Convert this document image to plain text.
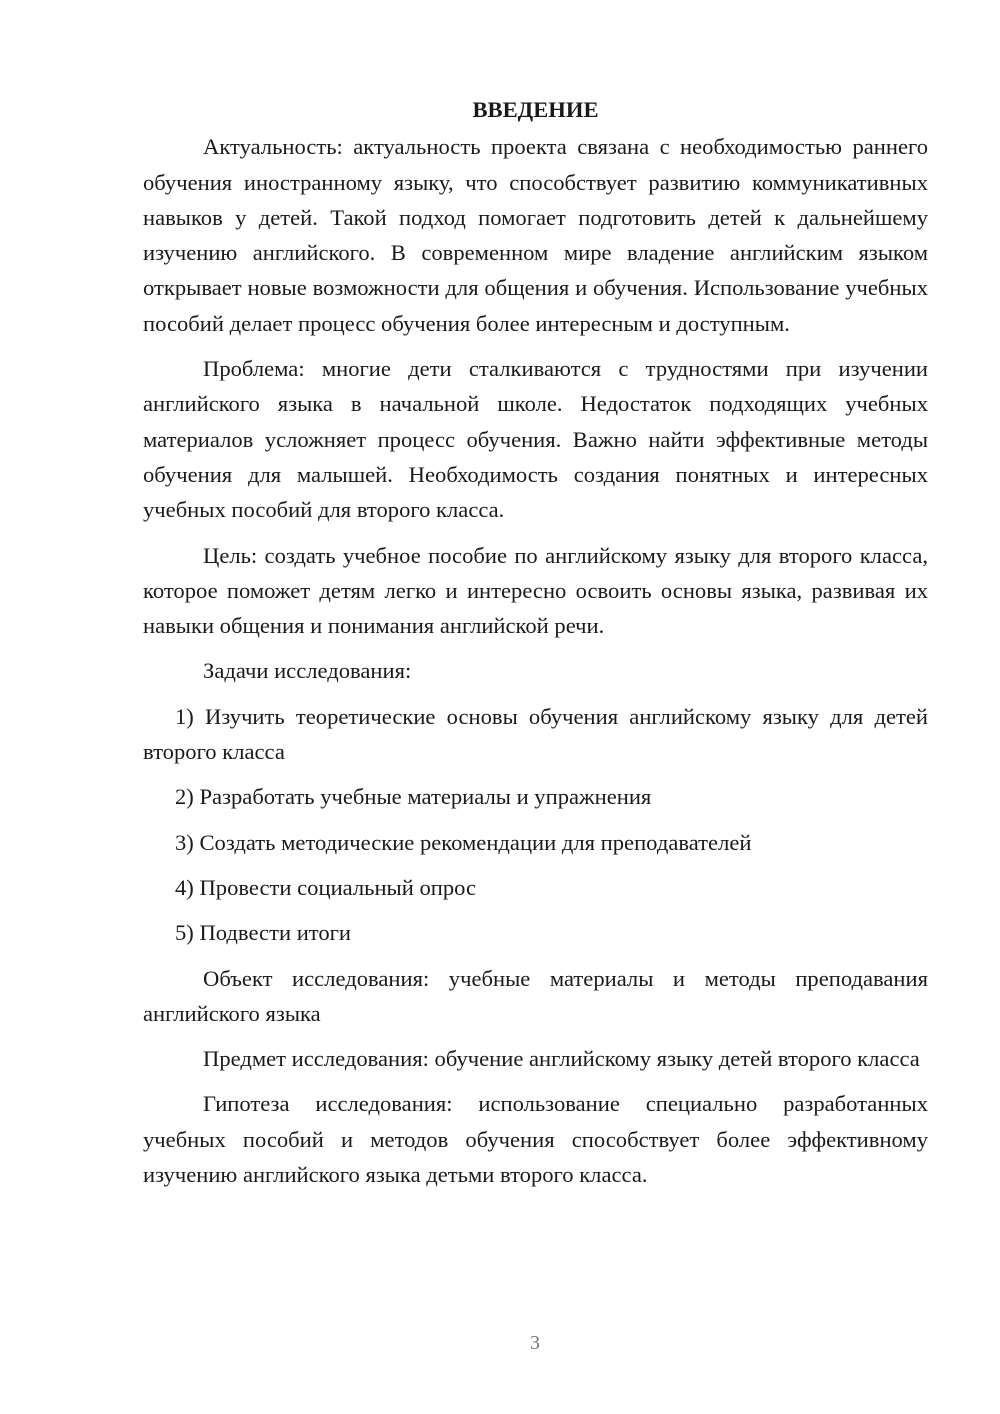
ВВЕДЕНИЕ

Актуальность: актуальность проекта связана с необходимостью раннего обучения иностранному языку, что способствует развитию коммуникативных навыков у детей. Такой подход помогает подготовить детей к дальнейшему изучению английского. В современном мире владение английским языком открывает новые возможности для общения и обучения. Использование учебных пособий делает процесс обучения более интересным и доступным.

Проблема: многие дети сталкиваются с трудностями при изучении английского языка в начальной школе. Недостаток подходящих учебных материалов усложняет процесс обучения. Важно найти эффективные методы обучения для малышей. Необходимость создания понятных и интересных учебных пособий для второго класса.

Цель: создать учебное пособие по английскому языку для второго класса, которое поможет детям легко и интересно освоить основы языка, развивая их навыки общения и понимания английской речи.

Задачи исследования:

1) Изучить теоретические основы обучения английскому языку для детей второго класса

2) Разработать учебные материалы и упражнения

3) Создать методические рекомендации для преподавателей

4) Провести социальный опрос

5) Подвести итоги

Объект исследования: учебные материалы и методы преподавания английского языка

Предмет исследования: обучение английскому языку детей второго класса

Гипотеза исследования: использование специально разработанных учебных пособий и методов обучения способствует более эффективному изучению английского языка детьми второго класса.

3
